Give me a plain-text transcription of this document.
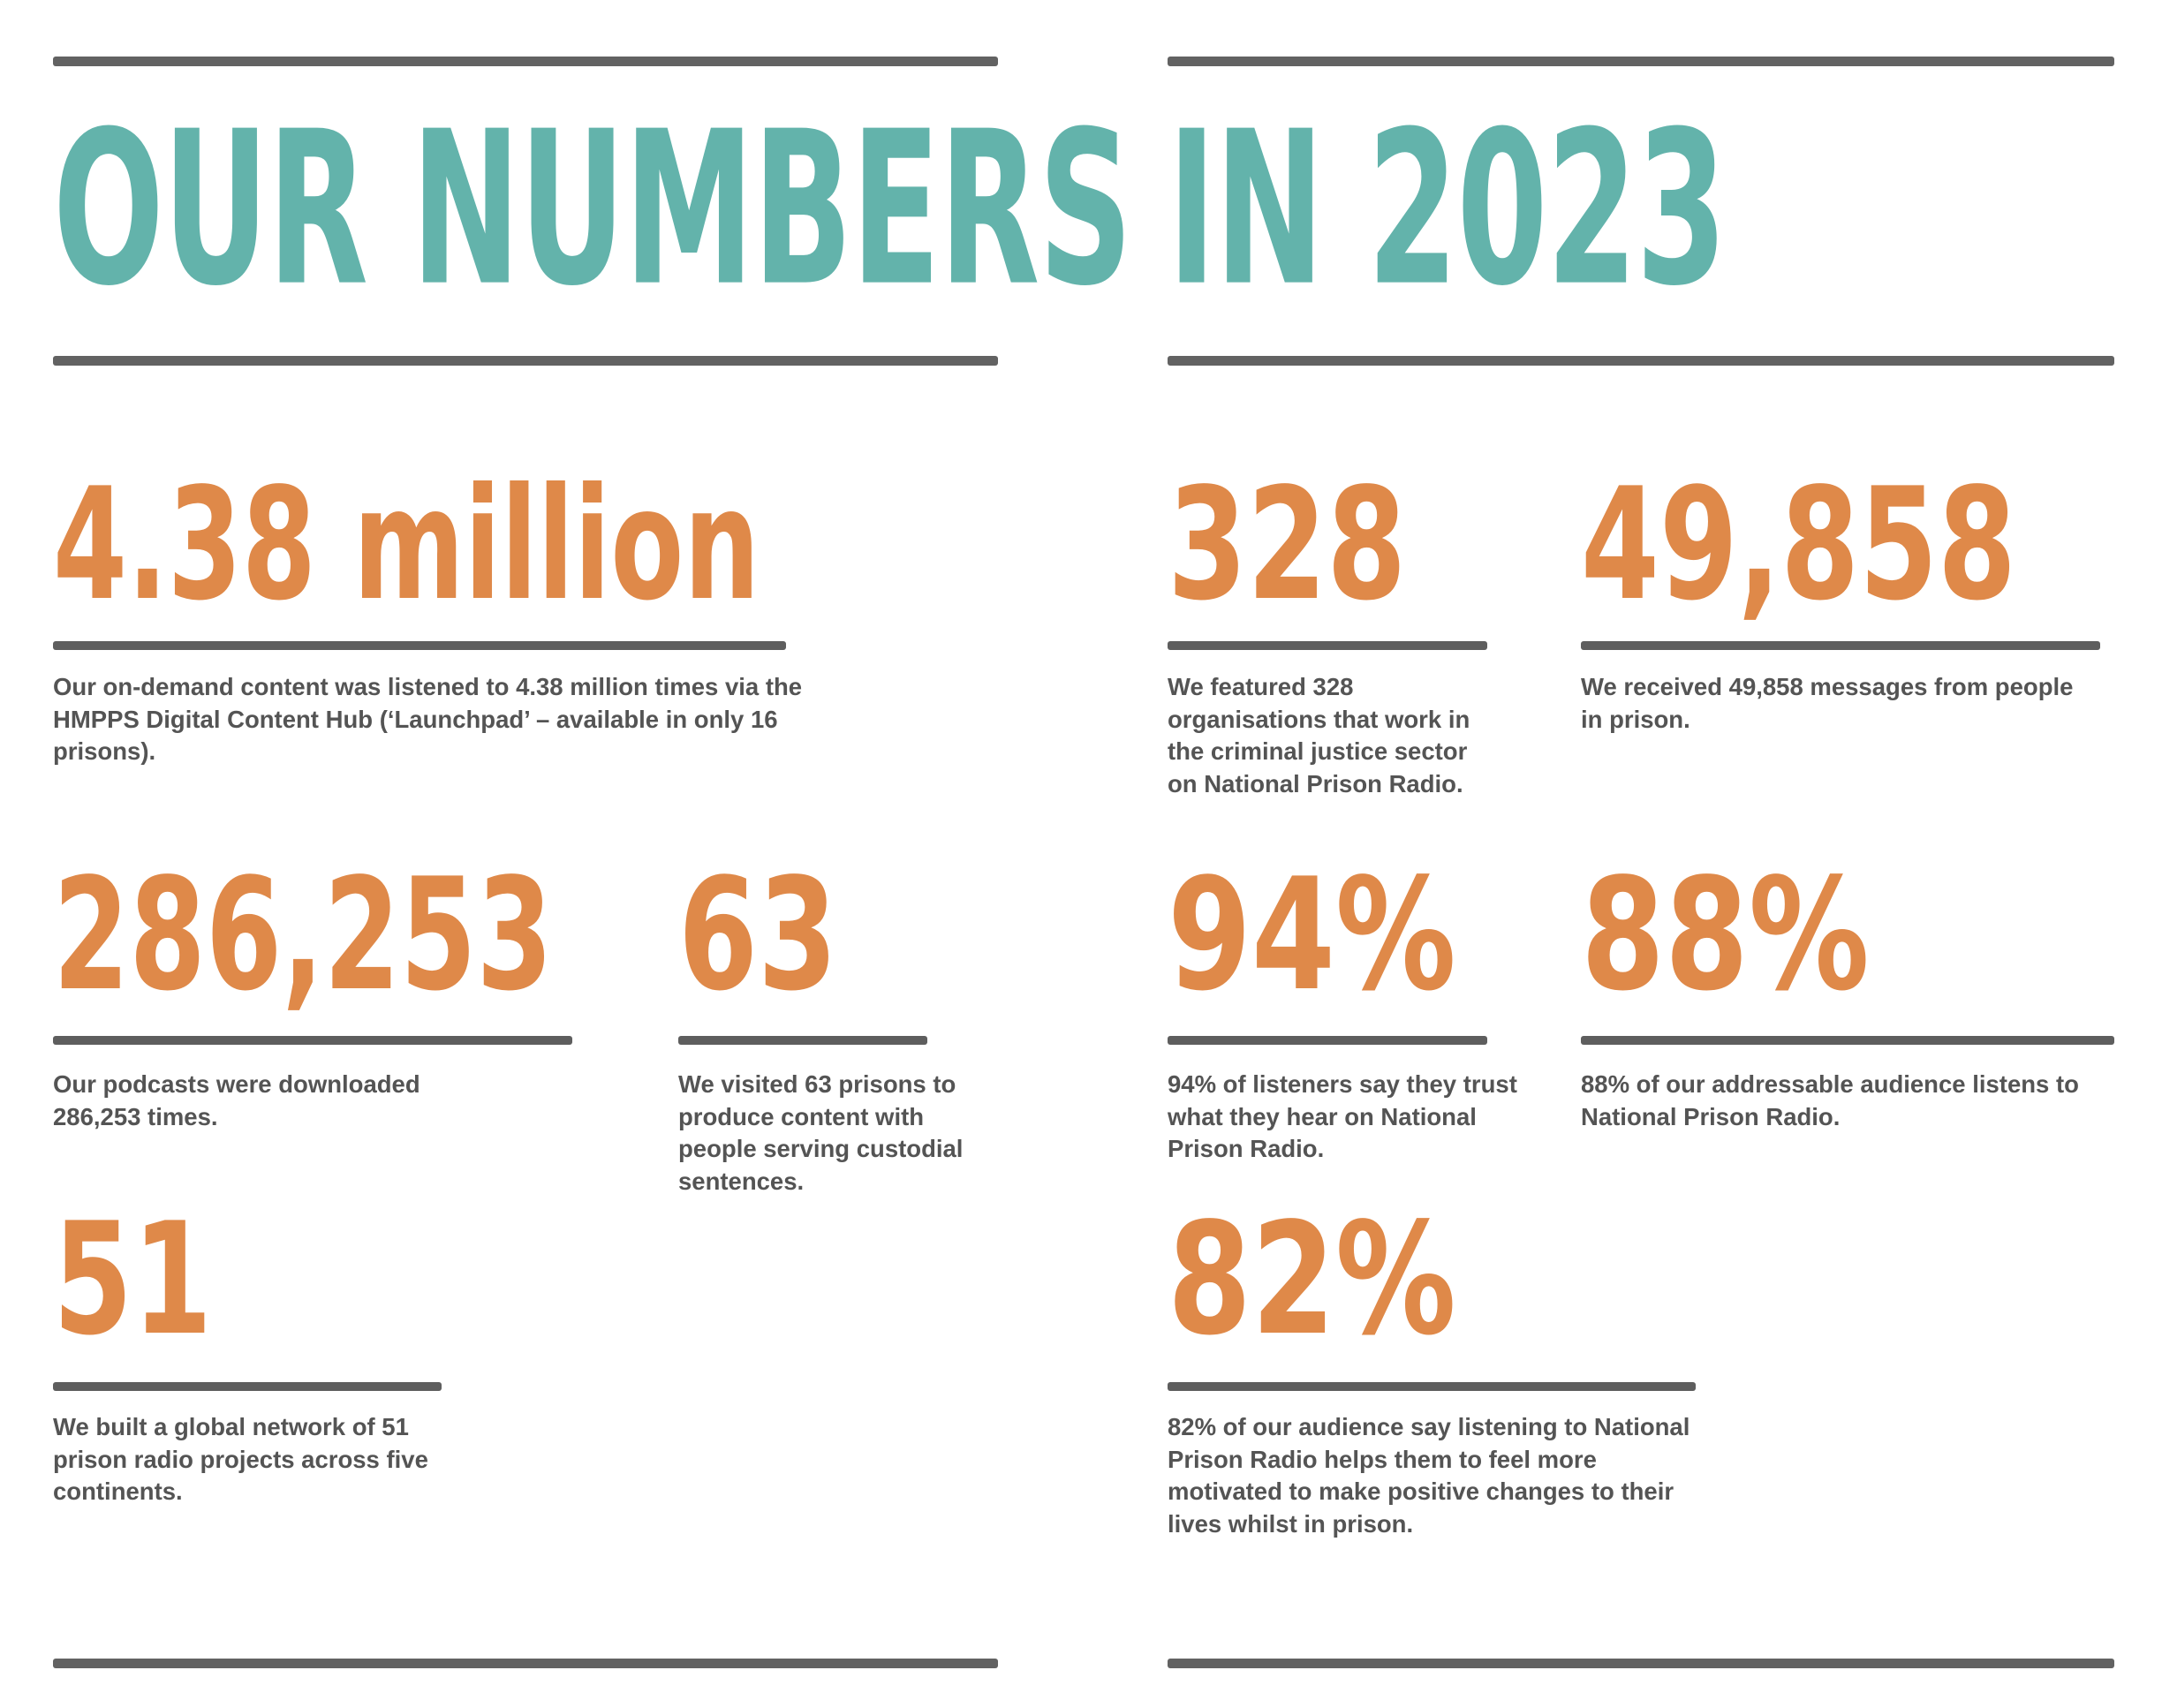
OUR NUMBERS IN 2023
4.38 million

Our on-demand content was listened to 4.38 million times via the HMPPS Digital Content Hub (‘Launchpad’ – available in only 16 prisons).

328

We featured 328 organisations that work in the criminal justice sector on National Prison Radio.

49,858

We received 49,858 messages from people in prison.

286,253

Our podcasts were downloaded 286,253 times.

63

We visited 63 prisons to produce content with people serving custodial sentences.

94%

94% of listeners say they trust what they hear on National Prison Radio.

88%

88% of our addressable audience listens to National Prison Radio.

51

We built a global network of 51 prison radio projects across five continents.

82%

82% of our audience say listening to National Prison Radio helps them to feel more motivated to make positive changes to their lives whilst in prison.
